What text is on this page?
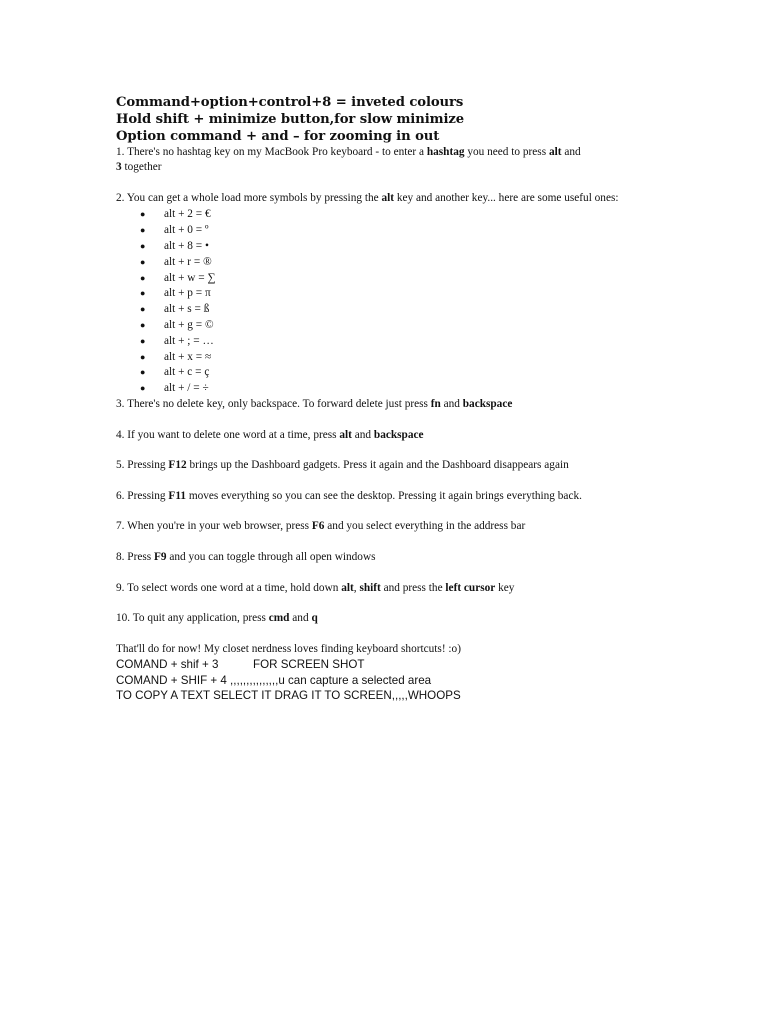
Command+option+control+8 = inveted colours
Hold shift + minimize button,for slow minimize
Option command + and – for zooming in out

1. There's no hashtag key on my MacBook Pro keyboard - to enter a hashtag you need to press alt and
3 together

2. You can get a whole load more symbols by pressing the alt key and another key... here are some useful ones:

● alt + 2 = €
● alt + 0 = º
● alt + 8 = •
● alt + r = ®
● alt + w = ∑
● alt + p = π
● alt + s = ß
● alt + g = ©
● alt + ; = …
● alt + x = ≈
● alt + c = ç
● alt + / = ÷

3. There's no delete key, only backspace. To forward delete just press fn and backspace

4. If you want to delete one word at a time, press alt and backspace

5. Pressing F12 brings up the Dashboard gadgets. Press it again and the Dashboard disappears again

6. Pressing F11 moves everything so you can see the desktop. Pressing it again brings everything back.

7. When you're in your web browser, press F6 and you select everything in the address bar

8. Press F9 and you can toggle through all open windows

9. To select words one word at a time, hold down alt, shift and press the left cursor key

10. To quit any application, press cmd and q

That'll do for now! My closet nerdness loves finding keyboard shortcuts! :o)

COMAND + shif + 3	FOR SCREEN SHOT
COMAND + SHIF + 4 ,,,,,,,,,,,,,,,u can capture a selected area
TO COPY A TEXT SELECT IT DRAG IT TO SCREEN,,,,,WHOOPS
